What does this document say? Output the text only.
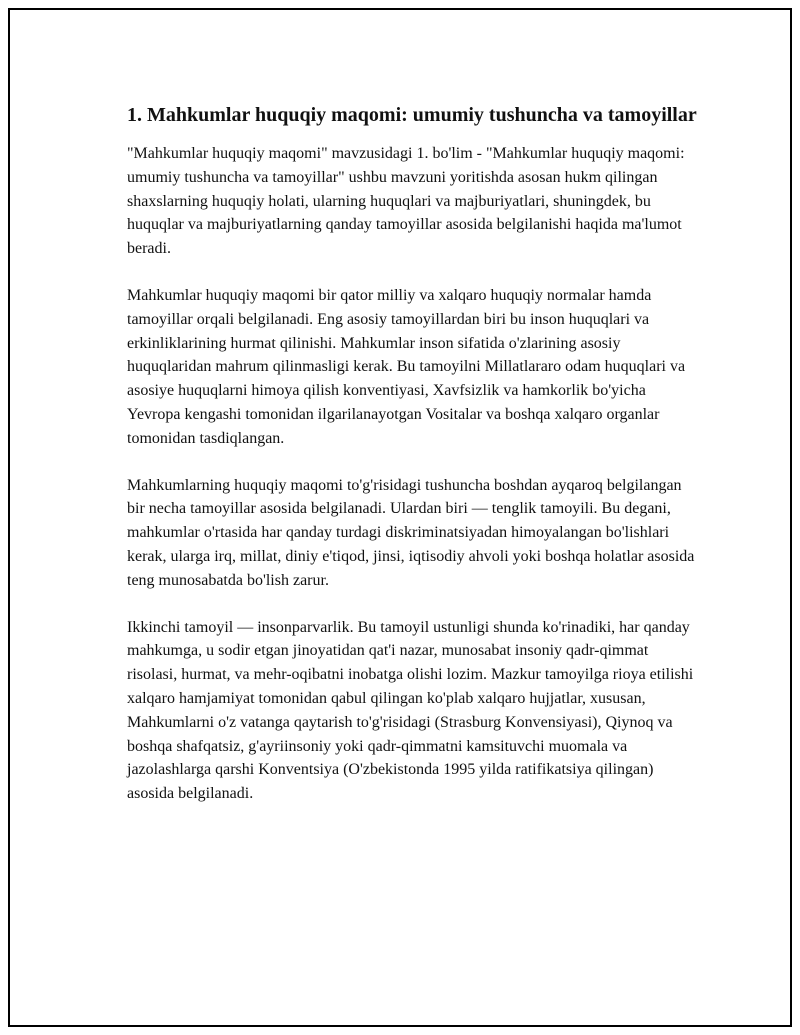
1. Mahkumlar huquqiy maqomi: umumiy tushuncha va tamoyillar

"Mahkumlar huquqiy maqomi" mavzusidagi 1. bo'lim - "Mahkumlar huquqiy maqomi: umumiy tushuncha va tamoyillar" ushbu mavzuni yoritishda asosan hukm qilingan shaxslarning huquqiy holati, ularning huquqlari va majburiyatlari, shuningdek, bu huquqlar va majburiyatlarning qanday tamoyillar asosida belgilanishi haqida ma'lumot beradi.

Mahkumlar huquqiy maqomi bir qator milliy va xalqaro huquqiy normalar hamda tamoyillar orqali belgilanadi. Eng asosiy tamoyillardan biri bu inson huquqlari va erkinliklarining hurmat qilinishi. Mahkumlar inson sifatida o'zlarining asosiy huquqlaridan mahrum qilinmasligi kerak. Bu tamoyilni Millatlararo odam huquqlari va asosiye huquqlarni himoya qilish konventiyasi, Xavfsizlik va hamkorlik bo'yicha Yevropa kengashi tomonidan ilgarilanayotgan Vositalar va boshqa xalqaro organlar tomonidan tasdiqlangan.

Mahkumlarning huquqiy maqomi to'g'risidagi tushuncha boshdan ayqaroq belgilangan bir necha tamoyillar asosida belgilanadi. Ulardan biri — tenglik tamoyili. Bu degani, mahkumlar o'rtasida har qanday turdagi diskriminatsiyadan himoyalangan bo'lishlari kerak, ularga irq, millat, diniy e'tiqod, jinsi, iqtisodiy ahvoli yoki boshqa holatlar asosida teng munosabatda bo'lish zarur.

Ikkinchi tamoyil — insonparvarlik. Bu tamoyil ustunligi shunda ko'rinadiki, har qanday mahkumga, u sodir etgan jinoyatidan qat'i nazar, munosabat insoniy qadr-qimmat risolasi, hurmat, va mehr-oqibatni inobatga olishi lozim. Mazkur tamoyilga rioya etilishi xalqaro hamjamiyat tomonidan qabul qilingan ko'plab xalqaro hujjatlar, xususan, Mahkumlarni o'z vatanga qaytarish to'g'risidagi (Strasburg Konvensiyasi), Qiynoq va boshqa shafqatsiz, g'ayriinsoniy yoki qadr-qimmatni kamsituvchi muomala va jazolashlarga qarshi Konventsiya (O'zbekistonda 1995 yilda ratifikatsiya qilingan) asosida belgilanadi.
